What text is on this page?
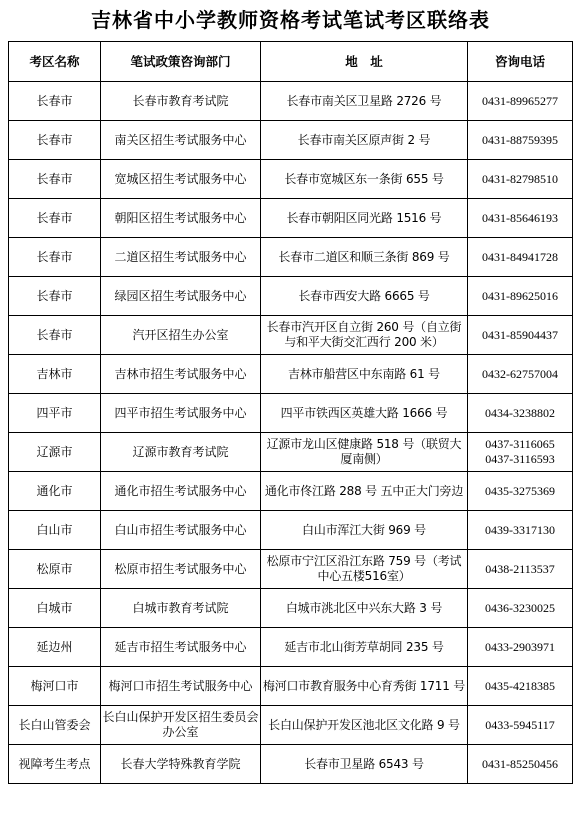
吉林省中小学教师资格考试笔试考区联络表
考区名称	笔试政策咨询部门	地　址	咨询电话
长春市	长春市教育考试院	长春市南关区卫星路 2726 号	0431-89965277

长春市	南关区招生考试服务中心	长春市南关区原声街 2 号	0431-88759395

长春市	宽城区招生考试服务中心	长春市宽城区东一条街 655 号	0431-82798510

长春市	朝阳区招生考试服务中心	长春市朝阳区同光路 1516 号	0431-85646193

长春市	二道区招生考试服务中心	长春市二道区和顺三条街 869 号	0431-84941728

长春市	绿园区招生考试服务中心	长春市西安大路 6665 号	0431-89625016

长春市	汽开区招生办公室	长春市汽开区自立街 260 号（自立街与和平大街交汇西行 200 米）	0431-85904437

吉林市	吉林市招生考试服务中心	吉林市船营区中东南路 61 号	0432-62757004

四平市	四平市招生考试服务中心	四平市铁西区英雄大路 1666 号	0434-3238802

辽源市	辽源市教育考试院	辽源市龙山区健康路 518 号（联贸大厦南侧）	0437-3116065
0437-3116593

通化市	通化市招生考试服务中心	通化市佟江路 288 号 五中正大门旁边	0435-3275369

白山市	白山市招生考试服务中心	白山市浑江大街 969 号	0439-3317130

松原市	松原市招生考试服务中心	松原市宁江区沿江东路 759 号（考试中心五楼516室）	0438-2113537

白城市	白城市教育考试院	白城市洮北区中兴东大路 3 号	0436-3230025

延边州	延吉市招生考试服务中心	延吉市北山街芳草胡同 235 号	0433-2903971

梅河口市	梅河口市招生考试服务中心	梅河口市教育服务中心育秀街 1711 号	0435-4218385

长白山管委会	长白山保护开发区招生委员会办公室	长白山保护开发区池北区文化路 9 号	0433-5945117

视障考生考点	长春大学特殊教育学院	长春市卫星路 6543 号	0431-85250456
